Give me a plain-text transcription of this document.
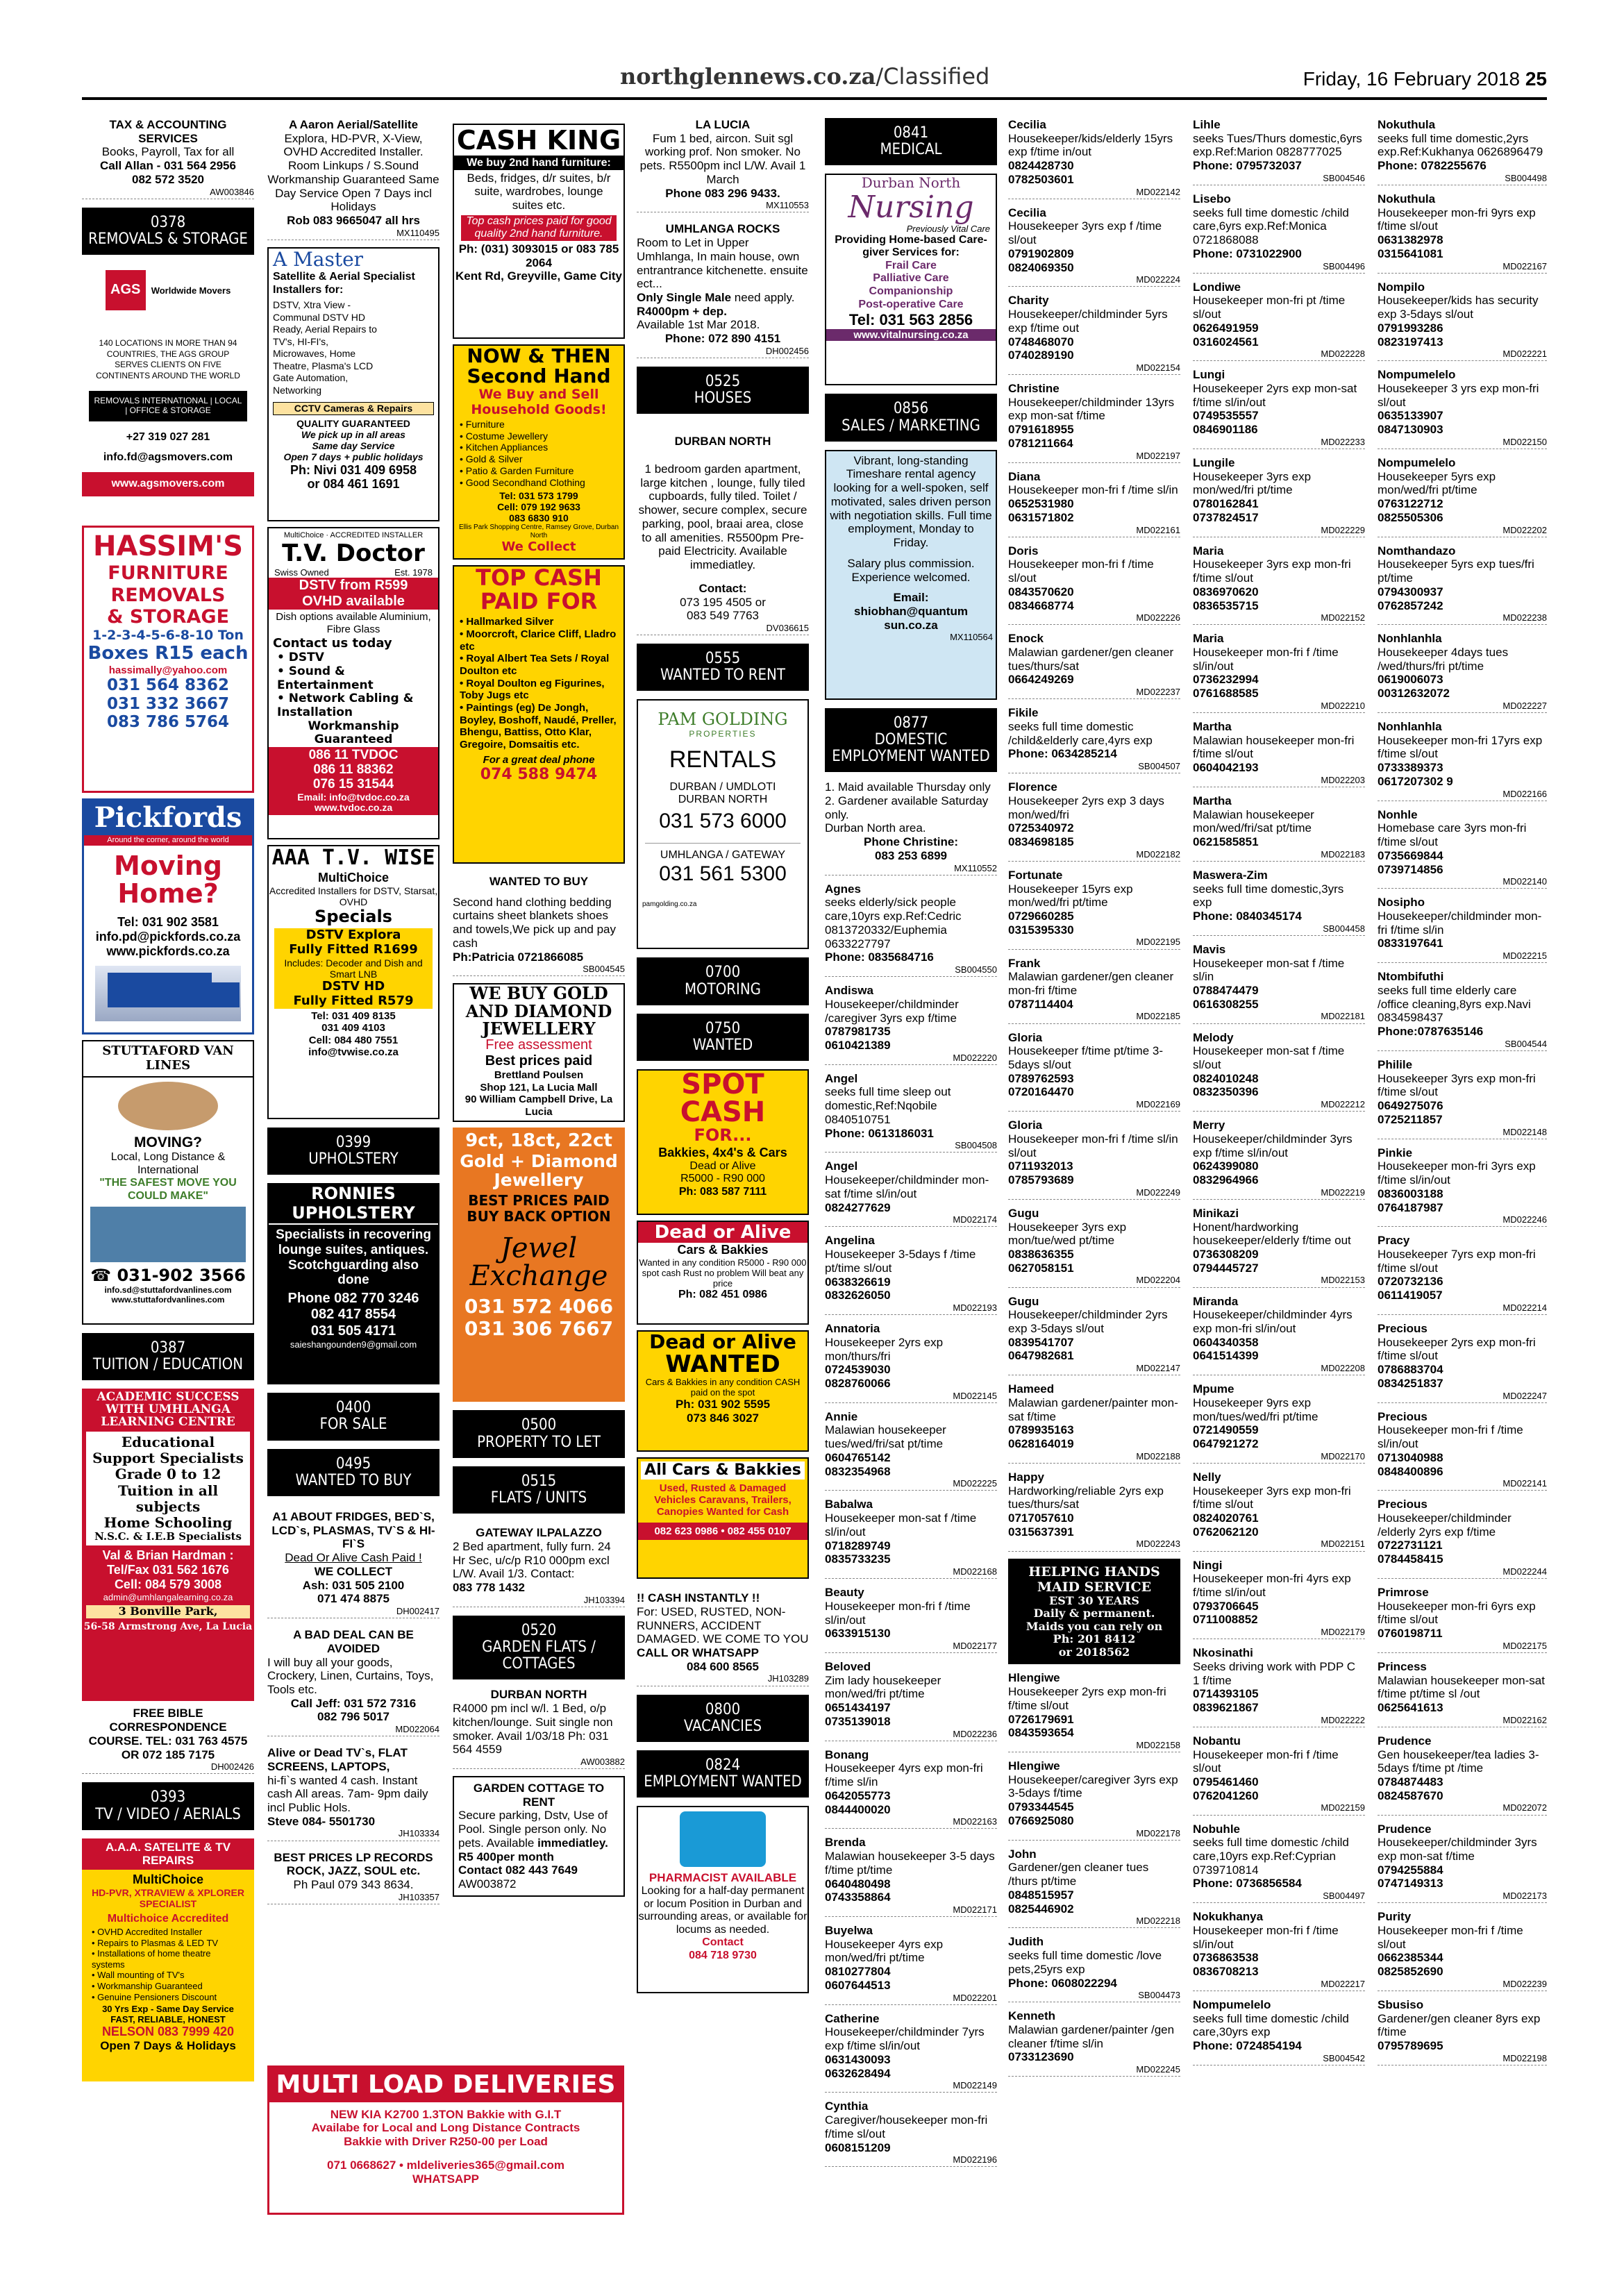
northglennews.co.za/Classified	Friday, 16 February 2018 25
TAX & ACCOUNTING SERVICES
Books, Payroll, Tax for all
Call Allan - 031 564 2956
082 572 3520
AW003846
0378
REMOVALS & STORAGE
AGS	Worldwide Movers
140 LOCATIONS IN MORE THAN 94 COUNTRIES, THE AGS GROUP SERVES CLIENTS ON FIVE CONTINENTS AROUND THE WORLD
REMOVALS INTERNATIONAL | LOCAL | OFFICE & STORAGE
+27 319 027 281
info.fd@agsmovers.com
www.agsmovers.com
HASSIM'S
FURNITURE
REMOVALS
& STORAGE
1-2-3-4-5-6-8-10 Ton
Boxes R15 each
hassimally@yahoo.com
031 564 8362
031 332 3667
083 786 5764
Pickfords
Around the corner, around the world
Moving Home?
Tel: 031 902 3581
info.pd@pickfords.co.za
www.pickfords.co.za
STUTTAFORD VAN LINES
MOVING?
Local, Long Distance & International
"THE SAFEST MOVE YOU COULD MAKE"
☎ 031-902 3566
info.sd@stuttafordvanlines.com
www.stuttafordvanlines.com
0387
TUITION / EDUCATION
ACADEMIC SUCCESS WITH UMHLANGA LEARNING CENTRE
Educational Support Specialists
Grade 0 to 12
Tuition in all subjects
Home Schooling
N.S.C. & I.E.B Specialists
Val & Brian Hardman :
Tel/Fax 031 562 1676
Cell: 084 579 3008
admin@umhlangalearning.co.za
3 Bonville Park,
56-58 Armstrong Ave, La Lucia
FREE BIBLE CORRESPONDENCE COURSE. TEL: 031 763 4575 OR 072 185 7175
DH002426
0393
TV / VIDEO / AERIALS
A.A.A. SATELITE & TV REPAIRS
MultiChoice
HD-PVR, XTRAVIEW & XPLORER SPECIALIST
Multichoice Accredited
• OVHD Accredited Installer
• Repairs to Plasmas & LED TV
• Installations of home theatre systems
• Wall mounting of TV's
• Workmanship Guaranteed
• Genuine Pensioners Discount
30 Yrs Exp - Same Day Service
FAST, RELIABLE, HONEST
NELSON 083 7999 420
Open 7 Days & Holidays
A Aaron Aerial/Satellite
Explora, HD-PVR, X-View, OVHD Accredited Installer. Room Linkups / S.Sound Workmanship Guaranteed Same Day Service Open 7 Days incl Holidays
Rob 083 9665047 all hrs
MX110495
A Master
Satellite & Aerial Specialist Installers for:
DSTV, Xtra View - Communal DSTV HD Ready, Aerial Repairs to TV's, HI-FI's, Microwaves, Home Theatre, Plasma's LCD Gate Automation, Networking
CCTV Cameras & Repairs
QUALITY GUARANTEED
We pick up in all areas
Same day Service
Open 7 days + public holidays
Ph: Nivi 031 409 6958
or 084 461 1691
MultiChoice · ACCREDITED INSTALLER
T.V. Doctor
Swiss Owned	Est. 1978
DSTV from R599
OVHD available
Dish options available Aluminium, Fibre Glass
Contact us today
• DSTV
• Sound & Entertainment
• Network Cabling & Installation
Workmanship Guaranteed
086 11 TVDOC
086 11 88362
076 15 31544
Email: info@tvdoc.co.za
www.tvdoc.co.za
AAA T.V. WISE
MultiChoice
Accredited Installers for DSTV, Starsat, OVHD
Specials
DSTV Explora
Fully Fitted R1699
Includes: Decoder and Dish and Smart LNB
DSTV HD
Fully Fitted R579
Tel: 031 409 8135
031 409 4103
Cell: 084 480 7551
info@tvwise.co.za
0399
UPHOLSTERY
RONNIES UPHOLSTERY
Specialists in recovering lounge suites, antiques. Scotchguarding also done
Phone 082 770 3246
082 417 8554
031 505 4171
saieshangounden9@gmail.com
0400
FOR SALE
0495
WANTED TO BUY
A1 ABOUT FRIDGES, BED`S, LCD`s, PLASMAS, TV`S & HI-FI`S
Dead Or Alive Cash Paid !
WE COLLECT
Ash: 031 505 2100
071 474 8875
DH002417
A BAD DEAL CAN BE AVOIDED
I will buy all your goods, Crockery, Linen, Curtains, Toys, Tools etc.
Call Jeff: 031 572 7316
082 796 5017
MD022064
Alive or Dead TV`s, FLAT SCREENS, LAPTOPS,
hi-fi`s wanted 4 cash. Instant cash All areas. 7am- 9pm daily incl Public Hols.
Steve 084- 5501730
JH103334
BEST PRICES LP RECORDS ROCK, JAZZ, SOUL etc.
Ph Paul 079 343 8634.
JH103357
MULTI LOAD DELIVERIES
NEW KIA K2700 1.3TON Bakkie with G.I.T
Availabe for Local and Long Distance Contracts
Bakkie with Driver R250-00 per Load
071 0668627 • mldeliveries365@gmail.com
WHATSAPP
CASH KING
We buy 2nd hand furniture:
Beds, fridges, d/r suites, b/r suite, wardrobes, lounge suites etc.
Top cash prices paid for good quality 2nd hand furniture.
Ph: (031) 3093015 or 083 785 2064
Kent Rd, Greyville, Game City
NOW & THEN Second Hand
We Buy and Sell Household Goods!
• Furniture
• Costume Jewellery
• Kitchen Appliances
• Gold & Silver
• Patio & Garden Furniture
• Good Secondhand Clothing
Tel: 031 573 1799
Cell: 079 192 9633
083 6830 910
Ellis Park Shopping Centre, Ramsey Grove, Durban North
We Collect
TOP CASH PAID FOR
• Hallmarked Silver
• Moorcroft, Clarice Cliff, Lladro etc
• Royal Albert Tea Sets / Royal Doulton etc
• Royal Doulton eg Figurines, Toby Jugs etc
• Paintings (eg) De Jongh, Boyley, Boshoff, Naudé, Preller, Bhengu, Battiss, Otto Klar, Gregoire, Domsaitis etc.
For a great deal phone
074 588 9474
WANTED TO BUY
Second hand clothing bedding curtains sheet blankets shoes and towels,We pick up and pay cash
Ph:Patricia 0721866085
SB004545
WE BUY GOLD AND DIAMOND JEWELLERY
Free assessment
Best prices paid
Brettland Poulsen
Shop 121, La Lucia Mall
90 William Campbell Drive, La Lucia
9ct, 18ct, 22ct
Gold + Diamond Jewellery
BEST PRICES PAID
BUY BACK OPTION
Jewel Exchange
031 572 4066
031 306 7667
0500
PROPERTY TO LET
0515
FLATS / UNITS
GATEWAY ILPALAZZO
2 Bed apartment, fully furn. 24 Hr Sec, u/c/p R10 000pm excl L/W. Avail 1/3. Contact:
083 778 1432
JH103394
0520
GARDEN FLATS / COTTAGES
DURBAN NORTH
R4000 pm incl w/l. 1 Bed, o/p kitchen/lounge. Suit single non smoker. Avail 1/03/18 Ph: 031 564 4559
AW003882
GARDEN COTTAGE TO RENT
Secure parking, Dstv, Use of Pool. Single person only. No pets. Available immediatley.
R5 400per month
Contact 082 443 7649
AW003872
LA LUCIA
Fum 1 bed, aircon. Suit sgl working prof. Non smoker. No pets. R5500pm incl L/W. Avail 1 March
Phone 083 296 9433.
MX110553
UMHLANGA ROCKS
Room to Let in Upper Umhlanga, In main house, own entrantrance kitchenette. ensuite ect...
Only Single Male need apply. R4000pm + dep.
Available 1st Mar 2018.
Phone: 072 890 4151
DH002456
0525
HOUSES
DURBAN NORTH
1 bedroom garden apartment, large kitchen , lounge, fully tiled cupboards, fully tiled. Toilet / shower, secure complex, secure parking, pool, braai area, close to all amenities. R5500pm Pre-paid Electricity. Available immediatley.
Contact:
073 195 4505 or
083 549 7763
DV036615
0555
WANTED TO RENT
PAM GOLDING
PROPERTIES
RENTALS
DURBAN / UMDLOTI
DURBAN NORTH
031 573 6000
UMHLANGA / GATEWAY
031 561 5300
pamgolding.co.za
0700
MOTORING
0750
WANTED
SPOT
CASH
FOR...
Bakkies, 4x4's & Cars
Dead or Alive
R5000 - R90 000
Ph: 083 587 7111
Dead or Alive
Cars & Bakkies
Wanted in any condition R5000 - R90 000 spot cash Rust no problem Will beat any price
Ph: 082 451 0986
Dead or Alive
WANTED
Cars & Bakkies in any condition CASH paid on the spot
Ph: 031 902 5595
073 846 3027
All Cars & Bakkies
Used, Rusted & Damaged Vehicles Caravans, Trailers, Canopies Wanted for Cash
082 623 0986 • 082 455 0107
!! CASH INSTANTLY !!
For: USED, RUSTED, NON-RUNNERS, ACCIDENT DAMAGED. WE COME TO YOU
CALL OR WHATSAPP
084 600 8565
JH103289
0800
VACANCIES
0824
EMPLOYMENT WANTED
PHARMACIST AVAILABLE
Looking for a half-day permanent or locum Position in Durban and surrounding areas, or available for locums as needed.
Contact
084 718 9730
0841
MEDICAL
Durban North
Nursing
Previously Vital Care
Providing Home-based Care-giver Services for:
Frail Care
Palliative Care
Companionship
Post-operative Care
Tel: 031 563 2856
www.vitalnursing.co.za
0856
SALES / MARKETING
Vibrant, long-standing Timeshare rental agency looking for a well-spoken, self motivated, sales driven person with negotiation skills. Full time employment, Monday to Friday.
Salary plus commission. Experience welcomed.
Email:
shiobhan@quantum sun.co.za
MX110564
0877
DOMESTIC EMPLOYMENT WANTED
1. Maid available Thursday only
2. Gardener available Saturday only.
Durban North area.
Phone Christine:
083 253 6899
MX110552
Agnes
seeks elderly/sick people care,10yrs exp.Ref:Cedric 0813720332/Euphemia 0633227797
Phone: 0835684716
SB004550
Andiswa
Housekeeper/childminder /caregiver 3yrs exp f/time
0787981735
0610421389
MD022220
Angel
seeks full time sleep out domestic,Ref:Nqobile 0840510751
Phone: 0613186031
SB004508
Angel
Housekeeper/childminder mon-sat f/time sl/in/out
0824277629
MD022174
Angelina
Housekeeper 3-5days f /time pt/time sl/out
0638326619
0832626050
MD022193
Annatoria
Housekeeper 2yrs exp mon/thurs/fri
0724539030
0828760066
MD022145
Annie
Malawian housekeeper tues/wed/fri/sat pt/time
0604765142
0832354968
MD022225
Babalwa
Housekeeper mon-sat f /time sl/in/out
0718289749
0835733235
MD022168
Beauty
Housekeeper mon-fri f /time sl/in/out
0633915130
MD022177
Beloved
Zim lady housekeeper mon/wed/fri pt/time
0651434197
0735139018
MD022236
Bonang
Housekeeper 4yrs exp mon-fri f/time sl/in
0642055773
0844400020
MD022163
Brenda
Malawian housekeeper 3-5 days f/time pt/time
0640480498
0743358864
MD022171
Buyelwa
Housekeeper 4yrs exp mon/wed/fri pt/time
0810277804
0607644513
MD022201
Catherine
Housekeeper/childminder 7yrs exp f/time sl/in/out
0631430093
0632628494
MD022149
Cynthia
Caregiver/housekeeper mon-fri f/time sl/out
0608151209
MD022196
Cecilia
Housekeeper/kids/elderly 15yrs exp f/time in/out
0824428730
0782503601
MD022142
Cecilia
Housekeeper 3yrs exp f /time sl/out
0791902809
0824069350
MD022224
Charity
Housekeeper/childminder 5yrs exp f/time out
0748468070
0740289190
MD022154
Christine
Housekeeper/childminder 13yrs exp mon-sat f/time
0791618955
0781211664
MD022197
Diana
Housekeeper mon-fri f /time sl/in
0652531980
0631571802
MD022161
Doris
Housekeeper mon-fri f /time sl/out
0843570620
0834668774
MD022226
Enock
Malawian gardener/gen cleaner tues/thurs/sat
0664249269
MD022237
Fikile
seeks full time domestic /child&elderly care,4yrs exp
Phone: 0634285214
SB004507
Florence
Housekeeper 2yrs exp 3 days mon/wed/fri
0725340972
0834698185
MD022182
Fortunate
Housekeeper 15yrs exp mon/wed/fri pt/time
0729660285
0315395330
MD022195
Frank
Malawian gardener/gen cleaner mon-fri f/time
0787114404
MD022185
Gloria
Housekeeper f/time pt/time 3-5days sl/out
0789762593
0720164470
MD022169
Gloria
Housekeeper mon-fri f /time sl/in sl/out
0711932013
0785793689
MD022249
Gugu
Housekeeper 3yrs exp mon/tue/wed pt/time
0838636355
0627058151
MD022204
Gugu
Housekeeper/childminder 2yrs exp 3-5days sl/out
0839541707
0647982681
MD022147
Hameed
Malawian gardener/painter mon-sat f/time
0789935163
0628164019
MD022188
Happy
Hardworking/reliable 2yrs exp tues/thurs/sat
0717057610
0315637391
MD022243
HELPING HANDS
MAID SERVICE
EST 30 YEARS
Daily & permanent.
Maids you can rely on
Ph: 201 8412
or 2018562
Hlengiwe
Housekeeper 2yrs exp mon-fri f/time sl/out
0726179691
0843593654
MD022158
Hlengiwe
Housekeeper/caregiver 3yrs exp 3-5days f/time
0793344545
0766925080
MD022178
John
Gardener/gen cleaner tues /thurs pt/time
0848515957
0825446902
MD022218
Judith
seeks full time domestic /love pets,25yrs exp
Phone: 0608022294
SB004473
Kenneth
Malawian gardener/painter /gen cleaner f/time sl/in
0733123690
MD022245
Lihle
seeks Tues/Thurs domestic,6yrs exp.Ref:Marion 0828777025
Phone: 0795732037
SB004546
Lisebo
seeks full time domestic /child care,6yrs exp.Ref:Monica 0721868088
Phone: 0731022900
SB004496
Londiwe
Housekeeper mon-fri pt /time sl/out
0626491959
0316024561
MD022228
Lungi
Housekeeper 2yrs exp mon-sat f/time sl/in/out
0749535557
0846901186
MD022233
Lungile
Housekeeper 3yrs exp mon/wed/fri pt/time
0780162841
0737824517
MD022229
Maria
Housekeeper 3yrs exp mon-fri f/time sl/out
0836970620
0836535715
MD022152
Maria
Housekeeper mon-fri f /time sl/in/out
0736232994
0761688585
MD022210
Martha
Malawian housekeeper mon-fri f/time sl/out
0604042193
MD022203
Martha
Malawian housekeeper mon/wed/fri/sat pt/time
0621585851
MD022183
Maswera-Zim
seeks full time domestic,3yrs exp
Phone: 0840345174
SB004458
Mavis
Housekeeper mon-sat f /time sl/in
0788474479
0616308255
MD022181
Melody
Housekeeper mon-sat f /time sl/out
0824010248
0832350396
MD022212
Merry
Housekeeper/childminder 3yrs exp f/time sl/in/out
0624399080
0832964966
MD022219
Minikazi
Honent/hardworking housekeeper/elderly f/time out
0736308209
0794445727
MD022153
Miranda
Housekeeper/childminder 4yrs exp mon-fri sl/in/out
0604340358
0641514399
MD022208
Mpume
Housekeeper 9yrs exp mon/tues/wed/fri pt/time
0721490559
0647921272
MD022170
Nelly
Housekeeper 3yrs exp mon-fri f/time sl/out
0824020761
0762062120
MD022151
Ningi
Housekeeper mon-fri 4yrs exp f/time sl/in/out
0793706645
0711008852
MD022179
Nkosinathi
Seeks driving work with PDP C 1 f/time
0714393105
0839621867
MD022222
Nobantu
Housekeeper mon-fri f /time sl/out
0795461460
0762041260
MD022159
Nobuhle
seeks full time domestic /child care,10yrs exp.Ref:Cyprian 0739710814
Phone: 0736856584
SB004497
Nokukhanya
Housekeeper mon-fri f /time sl/in/out
0736863538
0836708213
MD022217
Nompumelelo
seeks full time domestic /child care,30yrs exp
Phone: 0724854194
SB004542
Nokuthula
seeks full time domestic,2yrs exp.Ref:Kukhanya 0626896479
Phone: 0782255676
SB004498
Nokuthula
Housekeeper mon-fri 9yrs exp f/time sl/out
0631382978
0315641081
MD022167
Nompilo
Housekeeper/kids has security exp 3-5days sl/out
0791993286
0823197413
MD022221
Nompumelelo
Housekeeper 3 yrs exp mon-fri sl/out
0635133907
0847130903
MD022150
Nompumelelo
Housekeeper 5yrs exp mon/wed/fri pt/time
0763122712
0825505306
MD022202
Nomthandazo
Housekeeper 5yrs exp tues/fri pt/time
0794300937
0762857242
MD022238
Nonhlanhla
Housekeeper 4days tues /wed/thurs/fri pt/time
0619006073
00312632072
MD022227
Nonhlanhla
Housekeeper mon-fri 17yrs exp f/time sl/out
0733389373
0617207302 9
MD022166
Nonhle
Homebase care 3yrs mon-fri f/time sl/out
0735669844
0739714856
MD022140
Nosipho
Housekeeper/childminder mon-fri f/time sl/in
0833197641
MD022215
Ntombifuthi
seeks full time elderly care /office cleaning,8yrs exp.Navi 0834598437
Phone:0787635146
SB004544
Philile
Housekeeper 3yrs exp mon-fri f/time sl/out
0649275076
0725211857
MD022148
Pinkie
Housekeeper mon-fri 3yrs exp f/time sl/in/out
0836003188
0764187987
MD022246
Pracy
Housekeeper 7yrs exp mon-fri f/time sl/out
0720732136
0611419057
MD022214
Precious
Housekeeper 2yrs exp mon-fri f/time sl/out
0786883704
0834251837
MD022247
Precious
Housekeeper mon-fri f /time sl/in/out
0713040988
0848400896
MD022141
Precious
Housekeeper/childminder /elderly 2yrs exp f/time
0722731121
0784458415
MD022244
Primrose
Housekeeper mon-fri 6yrs exp f/time sl/out
0760198711
MD022175
Princess
Malawian housekeeper mon-sat f/time pt/time sl /out
0625641613
MD022162
Prudence
Gen housekeeper/tea ladies 3-5days f/time pt /time
0784874483
0824587670
MD022072
Prudence
Housekeeper/childminder 3yrs exp mon-sat f/time
0794255884
0747149313
MD022173
Purity
Housekeeper mon-fri f /time sl/out
0662385344
0825852690
MD022239
Sbusiso
Gardener/gen cleaner 8yrs exp f/time
0795789695
MD022198
